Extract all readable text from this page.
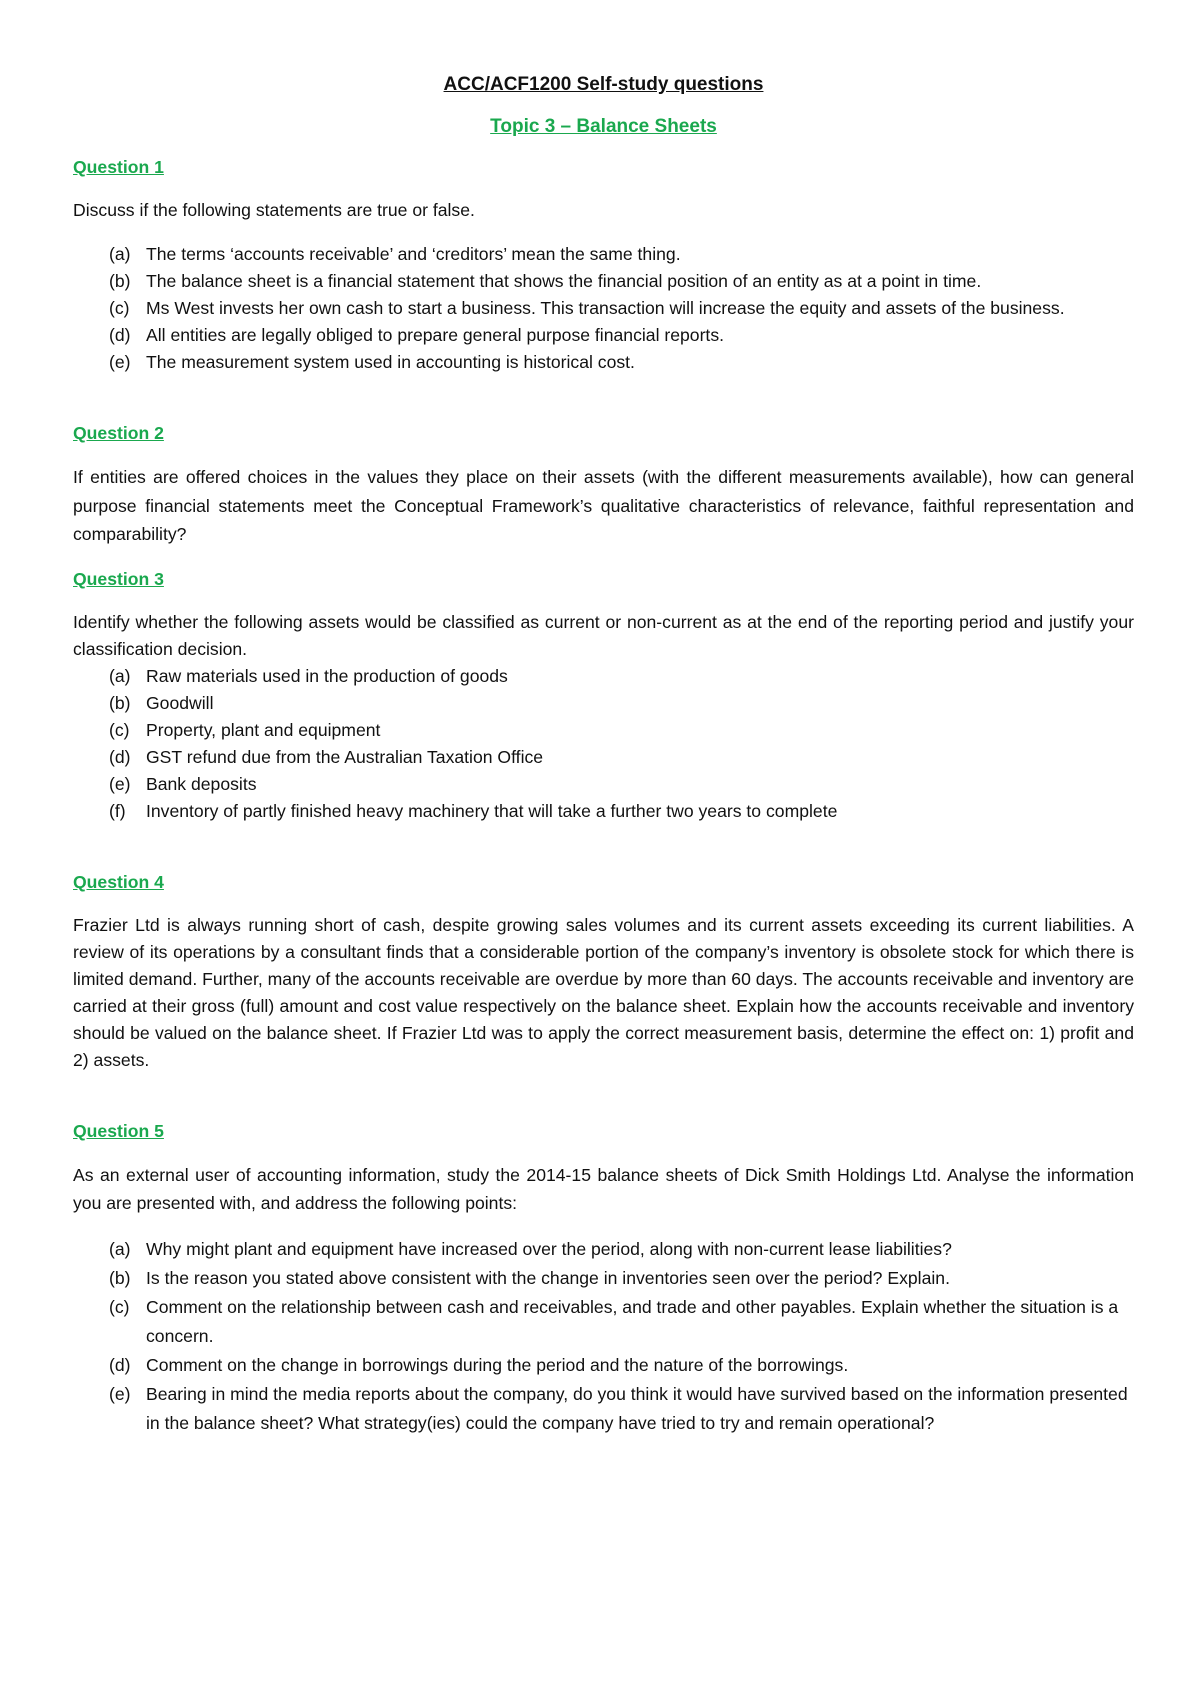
ACC/ACF1200 Self-study questions
Topic 3 – Balance Sheets
Question 1

Discuss if the following statements are true or false.

(a) The terms ‘accounts receivable’ and ‘creditors’ mean the same thing.
(b) The balance sheet is a financial statement that shows the financial position of an entity as at a point in time.
(c) Ms West invests her own cash to start a business. This transaction will increase the equity and assets of the business.
(d) All entities are legally obliged to prepare general purpose financial reports.
(e) The measurement system used in accounting is historical cost.
Question 2

If entities are offered choices in the values they place on their assets (with the different measurements available), how can general purpose financial statements meet the Conceptual Framework’s qualitative characteristics of relevance, faithful representation and comparability?

Question 3

Identify whether the following assets would be classified as current or non-current as at the end of the reporting period and justify your classification decision.

(a) Raw materials used in the production of goods
(b) Goodwill
(c) Property, plant and equipment
(d) GST refund due from the Australian Taxation Office
(e) Bank deposits
(f) Inventory of partly finished heavy machinery that will take a further two years to complete
Question 4

Frazier Ltd is always running short of cash, despite growing sales volumes and its current assets exceeding its current liabilities. A review of its operations by a consultant finds that a considerable portion of the company’s inventory is obsolete stock for which there is limited demand. Further, many of the accounts receivable are overdue by more than 60 days. The accounts receivable and inventory are carried at their gross (full) amount and cost value respectively on the balance sheet. Explain how the accounts receivable and inventory should be valued on the balance sheet. If Frazier Ltd was to apply the correct measurement basis, determine the effect on: 1) profit and 2) assets.

Question 5

As an external user of accounting information, study the 2014-15 balance sheets of Dick Smith Holdings Ltd. Analyse the information you are presented with, and address the following points:

(a) Why might plant and equipment have increased over the period, along with non-current lease liabilities?
(b) Is the reason you stated above consistent with the change in inventories seen over the period? Explain.
(c) Comment on the relationship between cash and receivables, and trade and other payables. Explain whether the situation is a concern.
(d) Comment on the change in borrowings during the period and the nature of the borrowings.
(e) Bearing in mind the media reports about the company, do you think it would have survived based on the information presented in the balance sheet? What strategy(ies) could the company have tried to try and remain operational?
